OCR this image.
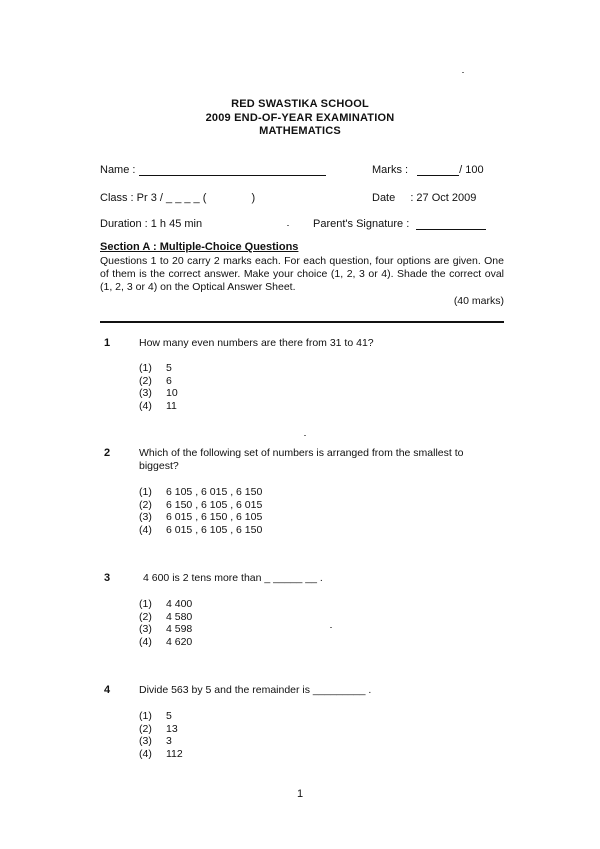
RED SWASTIKA SCHOOL
2009 END-OF-YEAR EXAMINATION
MATHEMATICS
Name :	Marks :	/ 100
Class : Pr 3 / _ _ _ _ (	)	Date : 27 Oct 2009
Duration : 1 h 45 min	Parent's Signature :
Section A : Multiple-Choice Questions
Questions 1 to 20 carry 2 marks each. For each question, four options are given. One of them is the correct answer. Make your choice (1, 2, 3 or 4). Shade the correct oval (1, 2, 3 or 4) on the Optical Answer Sheet.
(40 marks)
1	How many even numbers are there from 31 to 41?
(1)	5
(2)	6
(3)	10
(4)	11
2	Which of the following set of numbers is arranged from the smallest to biggest?
(1)	6 105 , 6 015 , 6 150
(2)	6 150 , 6 105 , 6 015
(3)	6 015 , 6 150 , 6 105
(4)	6 015 , 6 105 , 6 150
3	4 600 is 2 tens more than _ _____ __ .
(1)	4 400
(2)	4 580
(3)	4 598
(4)	4 620
4	Divide 563 by 5 and the remainder is _________ .
(1)	5
(2)	13
(3)	3
(4)	112
1
